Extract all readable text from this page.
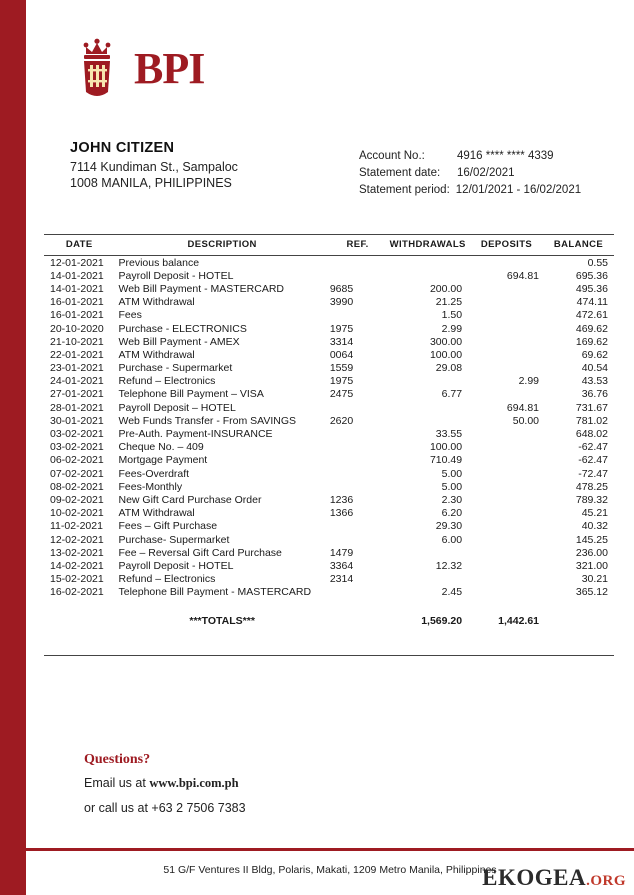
BPI
JOHN CITIZEN
7114 Kundiman St., Sampaloc
1008 MANILA, PHILIPPINES
Account No.:	4916 **** **** 4339
Statement date:	16/02/2021
Statement period: 12/01/2021 - 16/02/2021
DATE	DESCRIPTION	REF.	WITHDRAWALS	DEPOSITS	BALANCE
12-01-2021	Previous balance				0.55
14-01-2021	Payroll Deposit - HOTEL			694.81	695.36
14-01-2021	Web Bill Payment - MASTERCARD	9685	200.00		495.36
16-01-2021	ATM Withdrawal	3990	21.25		474.11
16-01-2021	Fees		1.50		472.61
20-10-2020	Purchase - ELECTRONICS	1975	2.99		469.62
21-10-2021	Web Bill Payment - AMEX	3314	300.00		169.62
22-01-2021	ATM Withdrawal	0064	100.00		69.62
23-01-2021	Purchase - Supermarket	1559	29.08		40.54
24-01-2021	Refund – Electronics	1975		2.99	43.53
27-01-2021	Telephone Bill Payment – VISA	2475	6.77		36.76
28-01-2021	Payroll Deposit – HOTEL			694.81	731.67
30-01-2021	Web Funds Transfer - From SAVINGS	2620		50.00	781.02
03-02-2021	Pre-Auth. Payment-INSURANCE		33.55		648.02
03-02-2021	Cheque No. – 409		100.00		-62.47
06-02-2021	Mortgage Payment		710.49		-62.47
07-02-2021	Fees-Overdraft		5.00		-72.47
08-02-2021	Fees-Monthly		5.00		478.25
09-02-2021	New Gift Card Purchase Order	1236	2.30		789.32
10-02-2021	ATM Withdrawal	1366	6.20		45.21
11-02-2021	Fees – Gift Purchase		29.30		40.32
12-02-2021	Purchase- Supermarket		6.00		145.25
13-02-2021	Fee – Reversal Gift Card Purchase	1479			236.00
14-02-2021	Payroll Deposit - HOTEL	3364	12.32		321.00
15-02-2021	Refund – Electronics	2314			30.21
16-02-2021	Telephone Bill Payment - MASTERCARD		2.45		365.12

	***TOTALS***		1,569.20	1,442.61	
Questions?
Email us at www.bpi.com.ph
or call us at +63 2 7506 7383
51 G/F Ventures II Bldg, Polaris, Makati, 1209 Metro Manila, Philippines
EKOGEA.ORG
